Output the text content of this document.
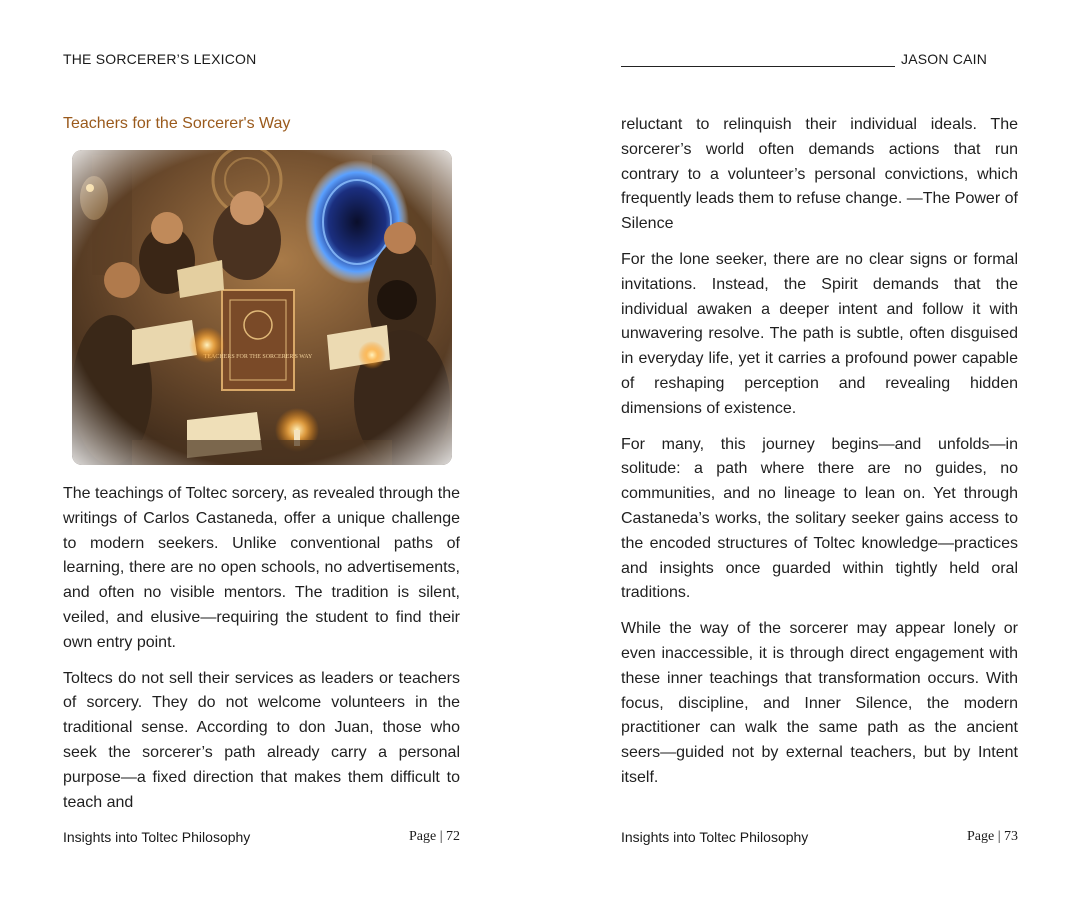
THE SORCERER’S LEXICON
Teachers for the Sorcerer's Way

The teachings of Toltec sorcery, as revealed through the writings of Carlos Castaneda, offer a unique challenge to modern seekers. Unlike conventional paths of learning, there are no open schools, no advertisements, and often no visible mentors. The tradition is silent, veiled, and elusive—requiring the student to find their own entry point.

Toltecs do not sell their services as leaders or teachers of sorcery. They do not welcome volunteers in the traditional sense. According to don Juan, those who seek the sorcerer’s path already carry a personal purpose—a fixed direction that makes them difficult to teach and

Insights into Toltec Philosophy	Page | 72
JASON CAIN

reluctant to relinquish their individual ideals. The sorcerer’s world often demands actions that run contrary to a volunteer’s personal convictions, which frequently leads them to refuse change. —The Power of Silence

For the lone seeker, there are no clear signs or formal invitations. Instead, the Spirit demands that the individual awaken a deeper intent and follow it with unwavering resolve. The path is subtle, often disguised in everyday life, yet it carries a profound power capable of reshaping perception and revealing hidden dimensions of existence.

For many, this journey begins—and unfolds—in solitude: a path where there are no guides, no communities, and no lineage to lean on. Yet through Castaneda’s works, the solitary seeker gains access to the encoded structures of Toltec knowledge—practices and insights once guarded within tightly held oral traditions.

While the way of the sorcerer may appear lonely or even inaccessible, it is through direct engagement with these inner teachings that transformation occurs. With focus, discipline, and Inner Silence, the modern practitioner can walk the same path as the ancient seers—guided not by external teachers, but by Intent itself.

Insights into Toltec Philosophy	Page | 73
